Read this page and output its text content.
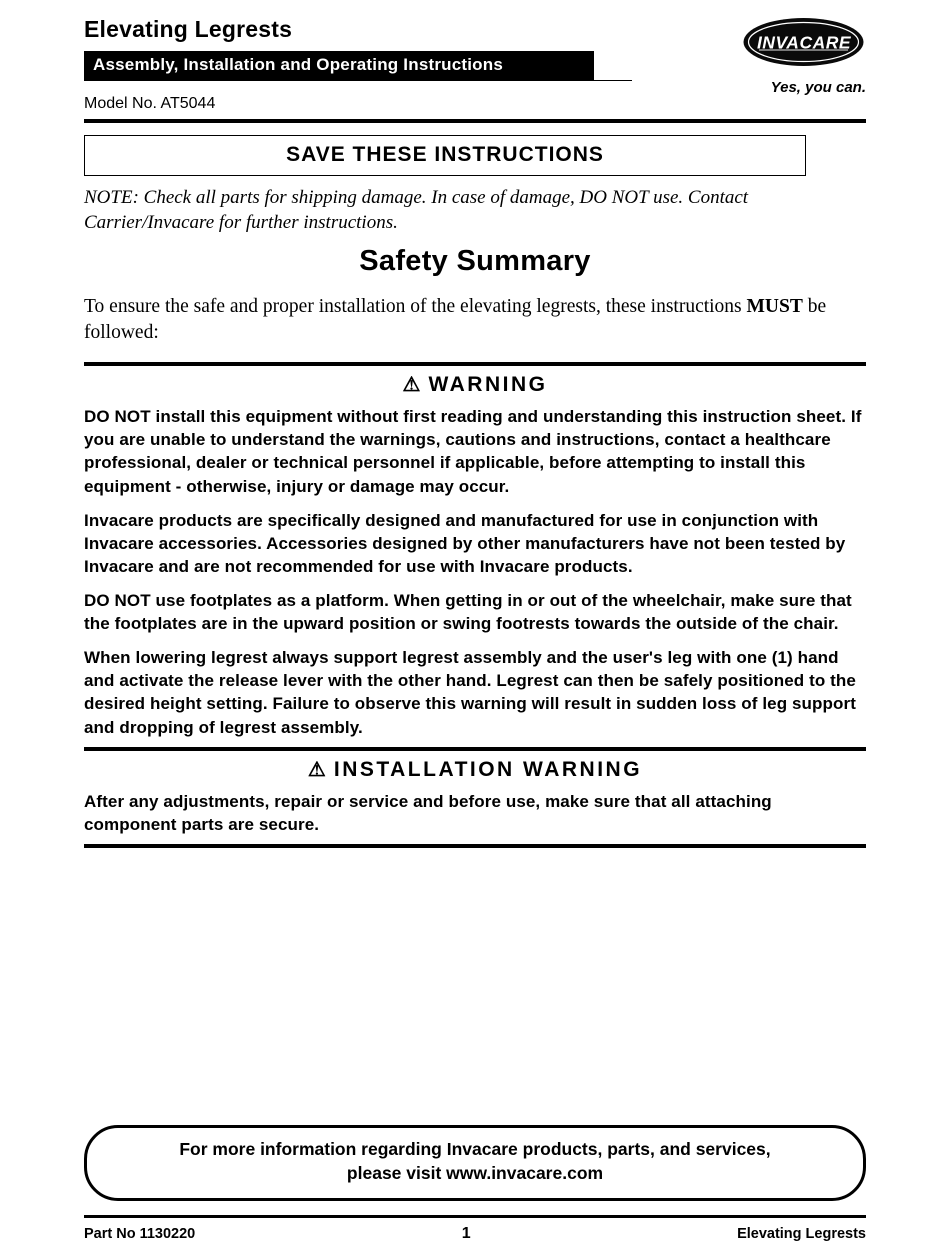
Elevating Legrests
Assembly, Installation and Operating Instructions
Model No. AT5044
INVACARE
Yes, you can.
SAVE THESE INSTRUCTIONS

NOTE: Check all parts for shipping damage. In case of damage, DO NOT use. Contact Carrier/Invacare for further instructions.

Safety Summary

To ensure the safe and proper installation of the elevating legrests, these instructions MUST be followed:

⚠ WARNING

DO NOT install this equipment without first reading and understanding this instruction sheet. If you are unable to understand the warnings, cautions and instructions, contact a healthcare professional, dealer or technical personnel if applicable, before attempting to install this equipment - otherwise, injury or damage may occur.

Invacare products are specifically designed and manufactured for use in conjunction with Invacare accessories. Accessories designed by other manufacturers have not been tested by Invacare and are not recommended for use with Invacare products.

DO NOT use footplates as a platform. When getting in or out of the wheelchair, make sure that the footplates are in the upward position or swing footrests towards the outside of the chair.

When lowering legrest always support legrest assembly and the user's leg with one (1) hand and activate the release lever with the other hand. Legrest can then be safely positioned to the desired height setting. Failure to observe this warning will result in sudden loss of leg support and dropping of legrest assembly.

⚠ INSTALLATION WARNING

After any adjustments, repair or service and before use, make sure that all attaching component parts are secure.

For more information regarding Invacare products, parts, and services,
please visit www.invacare.com
Part No 1130220	1	Elevating Legrests
